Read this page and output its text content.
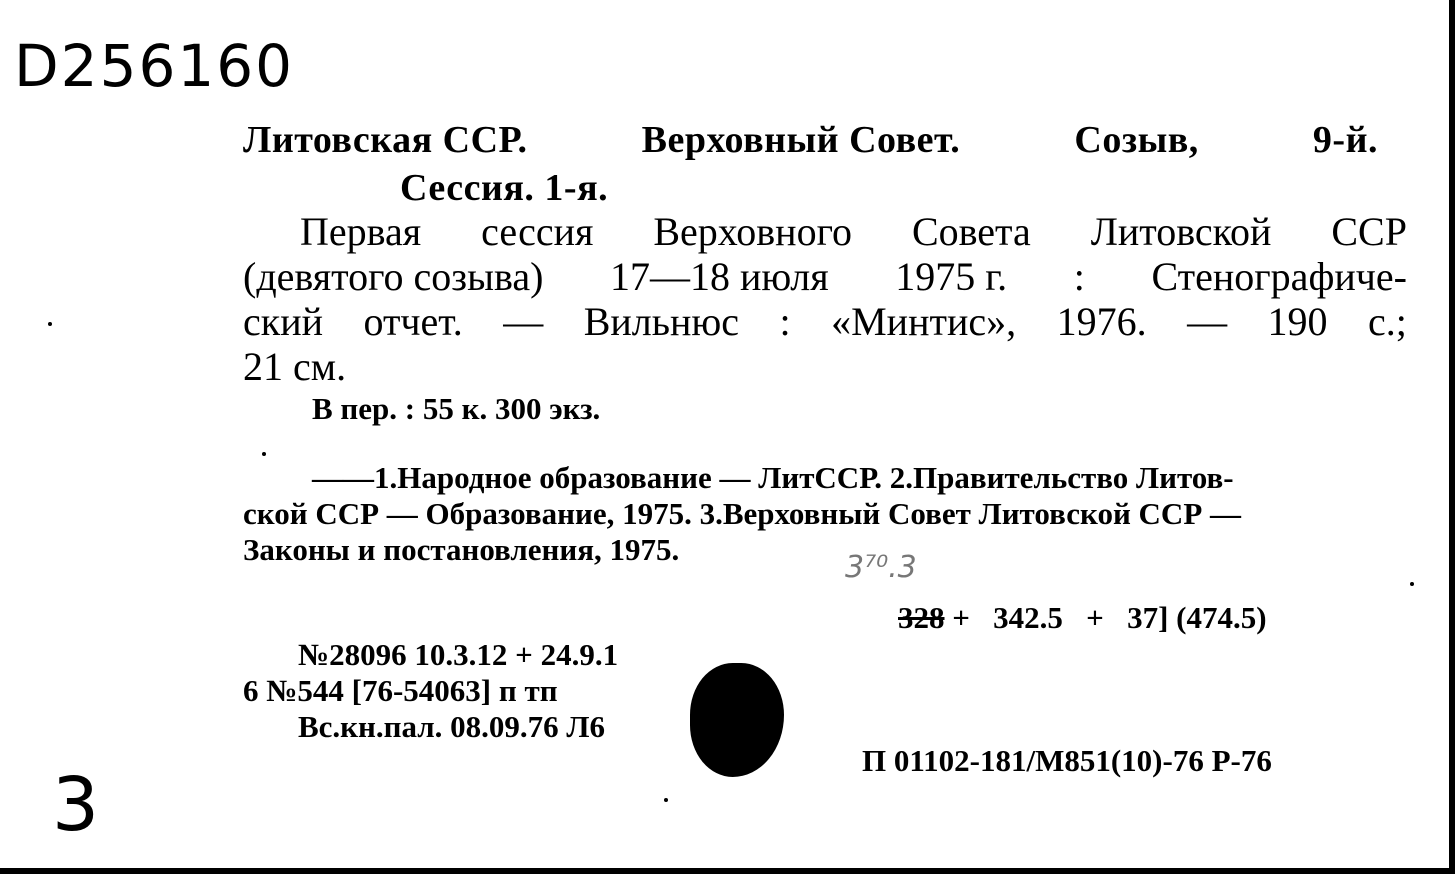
D256160
Литовская ССР.	Верховный Совет.	Созыв,	9-й.
Сессия. 1-я.
Первая сессия Верховного Совета Литовской ССР
(девятого созыва) 17—18 июля 1975 г. : Стенографиче-
ский отчет. — Вильнюс : «Минтис», 1976. — 190 с.;
21 см.
В пер. : 55 к. 300 экз.
——1.Народное образование — ЛитССР. 2.Правительство Литов-
ской ССР — Образование, 1975. 3.Верховный Совет Литовской ССР —
Законы и постановления, 1975.
3⁷⁰.3
328 +   342.5   +   37] (474.5)
№28096 10.3.12 + 24.9.1
6 №544 [76-54063] п тп
Вс.кн.пал. 08.09.76 Л6
П 01102-181/М851(10)-76 Р-76
3
